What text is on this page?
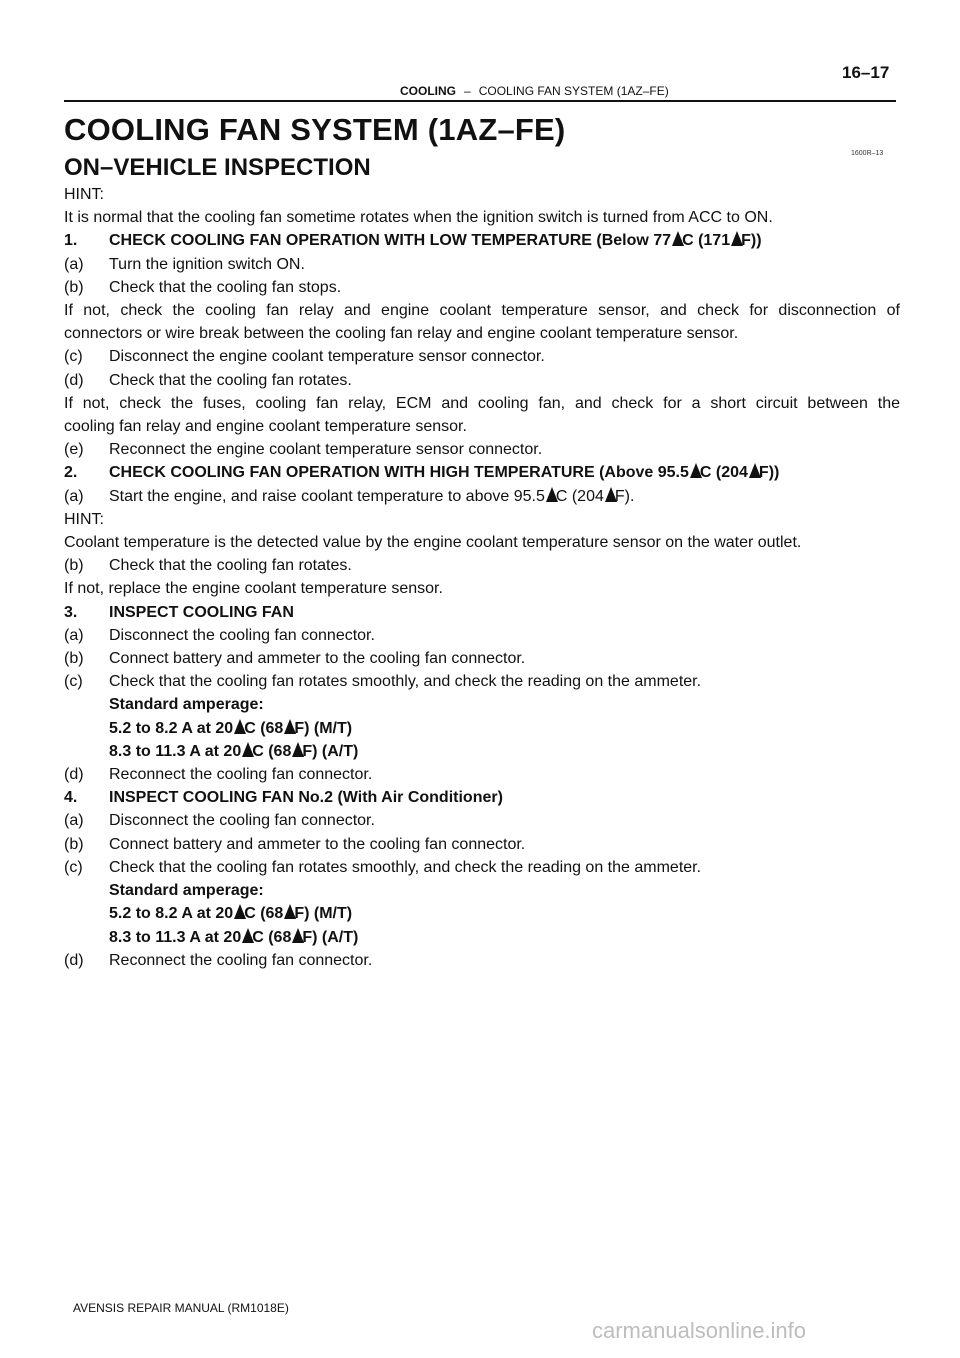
16–17
COOLING – COOLING FAN SYSTEM (1AZ–FE)
COOLING FAN SYSTEM (1AZ–FE)
ON–VEHICLE INSPECTION
1600R–13
HINT:
It is normal that the cooling fan sometime rotates when the ignition switch is turned from ACC to ON.
1. CHECK COOLING FAN OPERATION WITH LOW TEMPERATURE (Below 77 C (171 F))
(a) Turn the ignition switch ON.
(b) Check that the cooling fan stops.
If not, check the cooling fan relay and engine coolant temperature sensor, and check for disconnection of
connectors or wire break between the cooling fan relay and engine coolant temperature sensor.
(c) Disconnect the engine coolant temperature sensor connector.
(d) Check that the cooling fan rotates.
If not, check the fuses, cooling fan relay, ECM and cooling fan, and check for a short circuit between the
cooling fan relay and engine coolant temperature sensor.
(e) Reconnect the engine coolant temperature sensor connector.
2. CHECK COOLING FAN OPERATION WITH HIGH TEMPERATURE (Above 95.5 C (204 F))
(a) Start the engine, and raise coolant temperature to above 95.5 C (204 F).
HINT:
Coolant temperature is the detected value by the engine coolant temperature sensor on the water outlet.
(b) Check that the cooling fan rotates.
If not, replace the engine coolant temperature sensor.
3. INSPECT COOLING FAN
(a) Disconnect the cooling fan connector.
(b) Connect battery and ammeter to the cooling fan connector.
(c) Check that the cooling fan rotates smoothly, and check the reading on the ammeter.
Standard amperage:
5.2 to 8.2 A at 20 C (68 F) (M/T)
8.3 to 11.3 A at 20 C (68 F) (A/T)
(d) Reconnect the cooling fan connector.
4. INSPECT COOLING FAN No.2 (With Air Conditioner)
(a) Disconnect the cooling fan connector.
(b) Connect battery and ammeter to the cooling fan connector.
(c) Check that the cooling fan rotates smoothly, and check the reading on the ammeter.
Standard amperage:
5.2 to 8.2 A at 20 C (68 F) (M/T)
8.3 to 11.3 A at 20 C (68 F) (A/T)
(d) Reconnect the cooling fan connector.
AVENSIS REPAIR MANUAL (RM1018E)
carmanualsonline.info
